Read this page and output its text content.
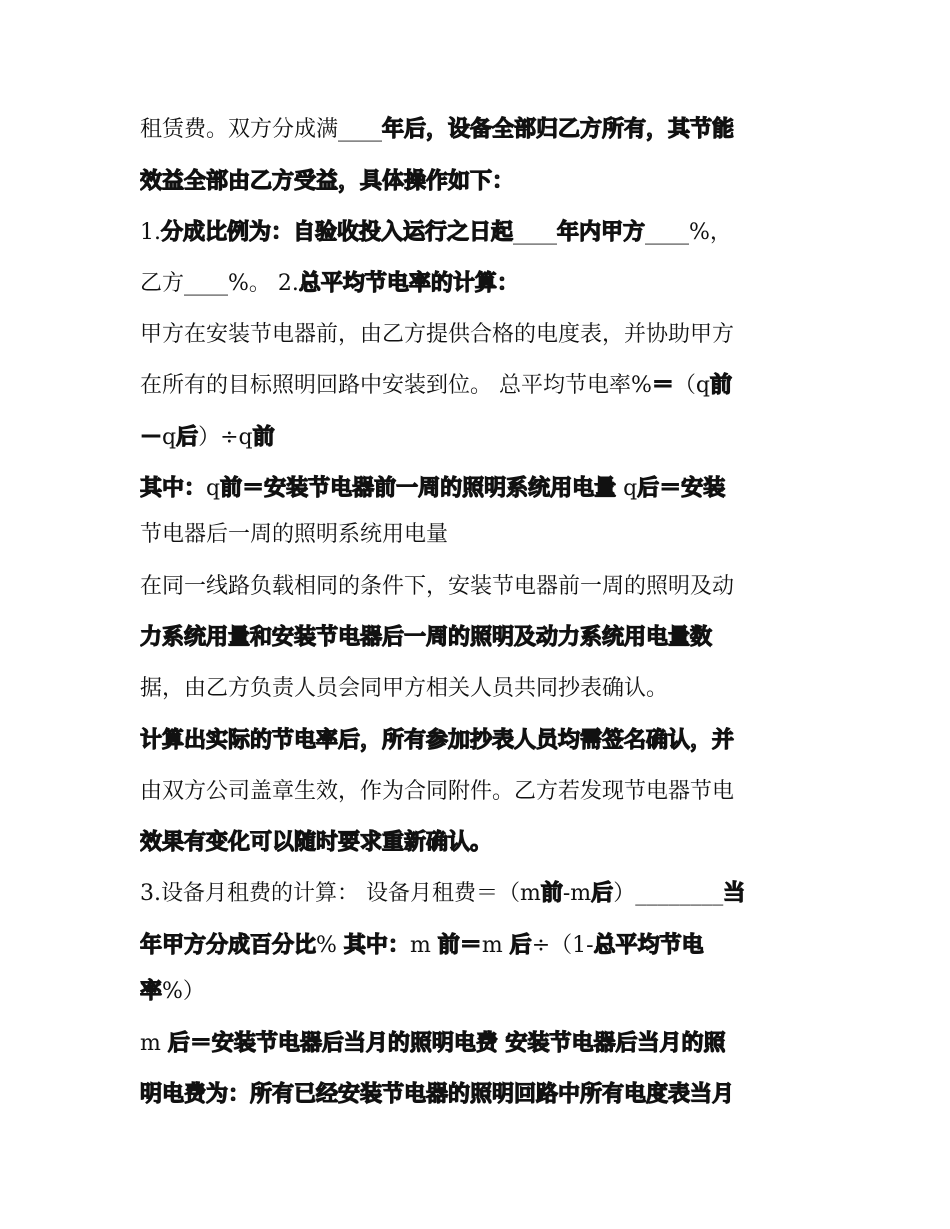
租赁费。双方分成满____年后，设备全部归乙方所有，其节能
效益全部由乙方受益，具体操作如下：
1.分成比例为：自验收投入运行之日起____年内甲方____%，
乙方____%。 2.总平均节电率的计算：
甲方在安装节电器前，由乙方提供合格的电度表，并协助甲方
在所有的目标照明回路中安装到位。 总平均节电率%＝（q前
－q后）÷q前
其中：q前＝安装节电器前一周的照明系统用电量 q后＝安装
节电器后一周的照明系统用电量
在同一线路负载相同的条件下，安装节电器前一周的照明及动
力系统用量和安装节电器后一周的照明及动力系统用电量数
据，由乙方负责人员会同甲方相关人员共同抄表确认。
计算出实际的节电率后，所有参加抄表人员均需签名确认，并
由双方公司盖章生效，作为合同附件。乙方若发现节电器节电
效果有变化可以随时要求重新确认。
3.设备月租费的计算： 设备月租费＝（m前-m后）________当
年甲方分成百分比% 其中：m 前＝m 后÷（1-总平均节电
率%）
m 后＝安装节电器后当月的照明电费 安装节电器后当月的照
明电费为：所有已经安装节电器的照明回路中所有电度表当月
